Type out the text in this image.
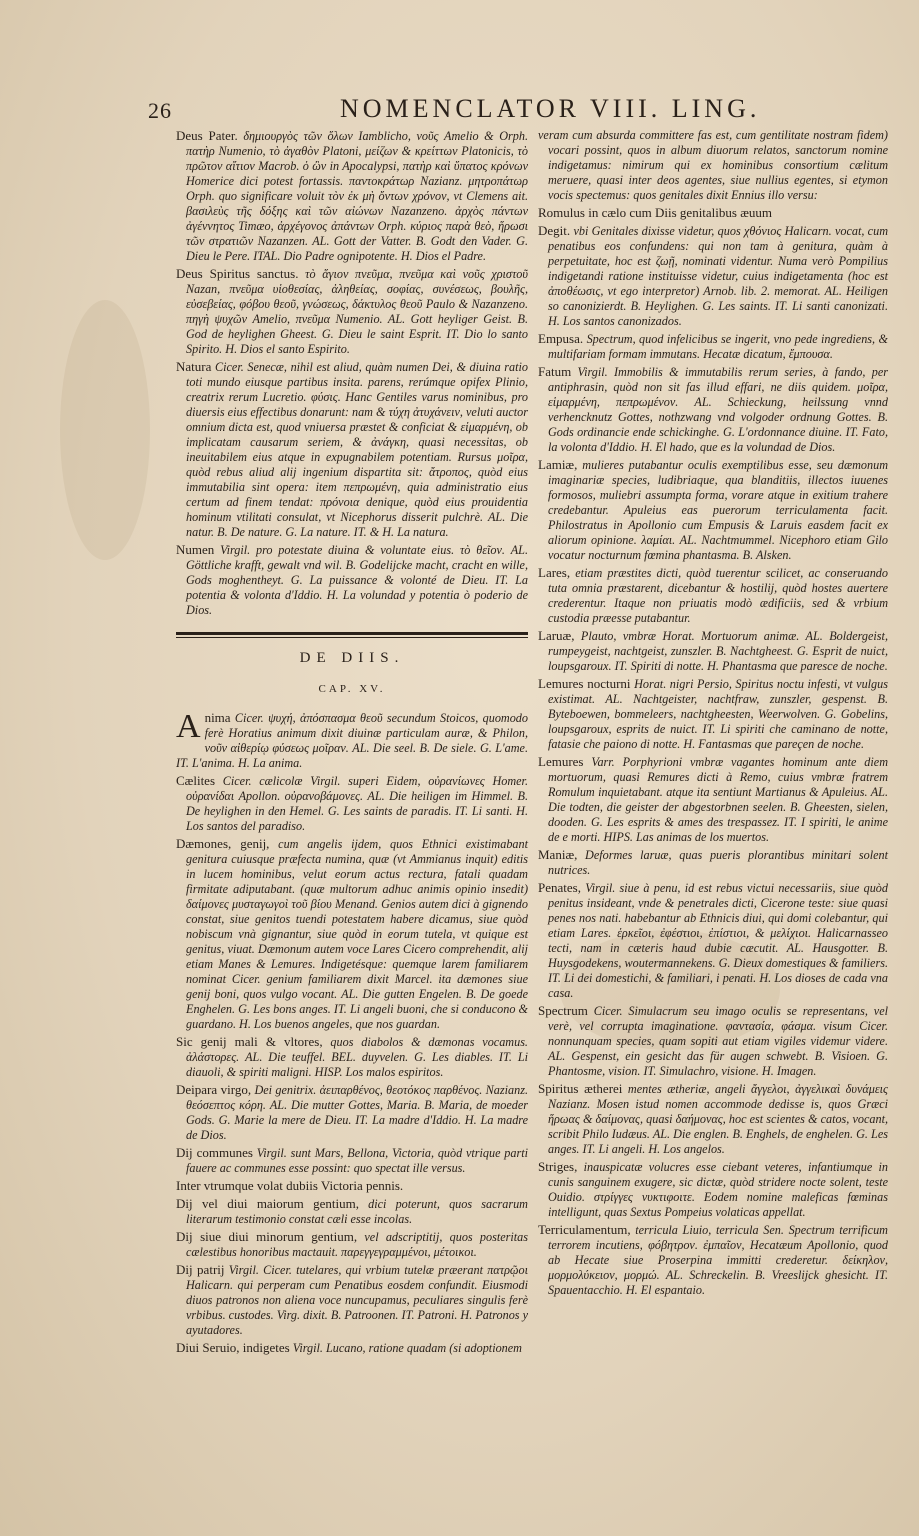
26	NOMENCLATOR VIII. LING.

Deus Pater. δημιουργὸς τῶν ὅλων Iamblicho, νοῦς Amelio & Orph. πατὴρ Numenio, τὸ ἀγαθὸν Platoni, μείζων & κρείττων Platonicis, τὸ πρῶτον αἴτιον Macrob. ὁ ὢν in Apocalypsi, πατὴρ καὶ ὕπατος κρόνων Homerice dici potest fortassis. παντοκράτωρ Nazianz. μητροπάτωρ Orph. quo significare voluit τὸν ἐκ μὴ ὄντων χρόνον, vt Clemens ait. βασιλεὺς τῆς δόξης καὶ τῶν αἰώνων Nazanzeno. ἀρχὸς πάντων ἀγέννητος Timæo, ἀρχέγονος ἀπάντων Orph. κύριος παρὰ θεὸ, ἥρωσι τῶν στρατιῶν Nazanzen. AL. Gott der Vatter. B. Godt den Vader. G. Dieu le Pere. ITAL. Dio Padre ognipotente. H. Dios el Padre.

Deus Spiritus sanctus. τὸ ἅγιον πνεῦμα, πνεῦμα καὶ νοῦς χριστοῦ Nazan, πνεῦμα υἱοθεσίας, ἀληθείας, σοφίας, συνέσεως, βουλῆς, εὐσεβείας, φόβου θεοῦ, γνώσεως, δάκτυλος θεοῦ Paulo & Nazanzeno. πηγὴ ψυχῶν Amelio, πνεῦμα Numenio. AL. Gott heyliger Geist. B. God de heylighen Gheest. G. Dieu le saint Esprit. IT. Dio lo santo Spirito. H. Dios el santo Espirito.

Natura Cicer. Senecæ, nihil est aliud, quàm numen Dei, & diuina ratio toti mundo eiusque partibus insita. parens, rerúmque opifex Plinio, creatrix rerum Lucretio. φύσις. Hanc Gentiles varus nominibus, pro diuersis eius effectibus donarunt: nam & τύχη ἀτυχάνειν, veluti auctor omnium dicta est, quod vniuersa præstet & conficiat & εἱμαρμένη, ob implicatam causarum seriem, & ἀνάγκη, quasi necessitas, ob ineuitabilem eius atque in expugnabilem potentiam. Rursus μοῖρα, quòd rebus aliud alij ingenium dispartita sit: ἄτροπος, quòd eius immutabilia sint opera: item πεπρωμένη, quia administratio eius certum ad finem tendat: πρόνοια denique, quòd eius prouidentia hominum vtilitati consulat, vt Nicephorus disserit pulchrè. AL. Die natur. B. De nature. G. La nature. IT. & H. La natura.

Numen Virgil. pro potestate diuina & voluntate eius. τὸ θεῖον. AL. Göttliche krafft, gewalt vnd wil. B. Godelijcke macht, cracht en wille, Gods moghentheyt. G. La puissance & volonté de Dieu. IT. La potentia & volonta d'Iddio. H. La volundad y potentia ò poderio de Dios.

DE DIIS.
CAP. XV.

Anima Cicer. ψυχή, ἀπόσπασμα θεοῦ secundum Stoicos, quomodo ferè Horatius animum dixit diuinæ particulam auræ, & Philon, νοῦν αἰθερίῳ φύσεως μοῖραν. AL. Die seel. B. De siele. G. L'ame. IT. L'anima. H. La anima.

Cælites Cicer. cælicolæ Virgil. superi Eidem, οὐρανίωνες Homer. οὐρανίδαι Apollon. οὐρανοβάμονες. AL. Die heiligen im Himmel. B. De heylighen in den Hemel. G. Les saints de paradis. IT. Li santi. H. Los santos del paradiso.

Dæmones, genij, cum angelis ijdem, quos Ethnici existimabant genitura cuiusque præfecta numina, quæ (vt Ammianus inquit) editis in lucem hominibus, velut eorum actus rectura, fatali quadam firmitate adiputabant. (quæ multorum adhuc animis opinio insedit) δαίμονες μυσταγωγοὶ τοῦ βίου Menand. Genios autem dici à gignendo constat, siue genitos tuendi potestatem habere dicamus, siue quòd nobiscum vnà gignantur, siue quòd in eorum tutela, vt quique est genitus, viuat. Dæmonum autem voce Lares Cicero comprehendit, alij etiam Manes & Lemures. Indigetésque: quemque larem familiarem nominat Cicer. genium familiarem dixit Marcel. ita dæmones siue genij boni, quos vulgo vocant. AL. Die gutten Engelen. B. De goede Enghelen. G. Les bons anges. IT. Li angeli buoni, che si conducono & guardano. H. Los buenos angeles, que nos guardan.

Sic genij mali & vltores, quos diabolos & dæmonas vocamus. ἀλάστορες. AL. Die teuffel. BEL. duyvelen. G. Les diables. IT. Li diauoli, & spiriti maligni. HISP. Los malos espiritos.

Deipara virgo, Dei genitrix. ἀειπαρθένος, θεοτόκος παρθένος. Nazianz. θεόσεπτος κόρη. AL. Die mutter Gottes, Maria. B. Maria, de moeder Gods. G. Marie la mere de Dieu. IT. La madre d'Iddio. H. La madre de Dios.

Dij communes Virgil. sunt Mars, Bellona, Victoria, quòd vtrique parti fauere ac communes esse possint: quo spectat ille versus.

Inter vtrumque volat dubiis Victoria pennis.

Dij vel diui maiorum gentium, dici poterunt, quos sacrarum literarum testimonio constat cæli esse incolas.

Dij siue diui minorum gentium, vel adscriptitij, quos posteritas cælestibus honoribus mactauit. παρεγγεγραμμένοι, μέτοικοι.

Dij patrij Virgil. Cicer. tutelares, qui vrbium tutelæ præerant πατρῷοι Halicarn. qui perperam cum Penatibus eosdem confundit. Eiusmodi diuos patronos non aliena voce nuncupamus, peculiares singulis ferè vrbibus. custodes. Virg. dixit. B. Patroonen. IT. Patroni. H. Patronos y ayutadores.

Diui Seruio, indigetes Virgil. Lucano, ratione quadam (si adoptionem

veram cum absurda committere fas est, cum gentilitate nostram fidem) vocari possint, quos in album diuorum relatos, sanctorum nomine indigetamus: nimirum qui ex hominibus consortium cælitum meruere, quasi inter deos agentes, siue nullius egentes, si etymon vocis spectemus: quos genitales dixit Ennius illo versu:

Romulus in cælo cum Diis genitalibus æuum

Degit. vbi Genitales dixisse videtur, quos χθόνιος Halicarn. vocat, cum penatibus eos confundens: qui non tam à genitura, quàm à perpetuitate, hoc est ζωῇ, nominati videntur. Numa verò Pompilius indigetandi ratione instituisse videtur, cuius indigetamenta (hoc est ἀποθέωσις, vt ego interpretor) Arnob. lib. 2. memorat. AL. Heiligen so canonizierdt. B. Heylighen. G. Les saints. IT. Li santi canonizati. H. Los santos canonizados.

Empusa. Spectrum, quod infelicibus se ingerit, vno pede ingrediens, & multifariam formam immutans. Hecatæ dicatum, ἔμπουσα.

Fatum Virgil. Immobilis & immutabilis rerum series, à fando, per antiphrasin, quòd non sit fas illud effari, ne diis quidem. μοῖρα, εἱμαρμένη, πεπρωμένον. AL. Schieckung, heilssung vnnd verhencknutz Gottes, nothzwang vnd volgoder ordnung Gottes. B. Gods ordinancie ende schickinghe. G. L'ordonnance diuine. IT. Fato, la volonta d'Iddio. H. El hado, que es la volundad de Dios.

Lamiæ, mulieres putabantur oculis exemptilibus esse, seu dæmonum imaginariæ species, ludibriaque, qua blanditiis, illectos iuuenes formosos, muliebri assumpta forma, vorare atque in exitium trahere credebantur. Apuleius eas puerorum terriculamenta facit. Philostratus in Apollonio cum Empusis & Laruis easdem facit ex aliorum opinione. λαμίαι. AL. Nachtmummel. Nicephoro etiam Gilo vocatur nocturnum fœmina phantasma. B. Alsken.

Lares, etiam præstites dicti, quòd tuerentur scilicet, ac conseruando tuta omnia præstarent, dicebantur & hostilij, quòd hostes auertere crederentur. Itaque non priuatis modò ædificiis, sed & vrbium custodia præesse putabantur.

Laruæ, Plauto, vmbræ Horat. Mortuorum animæ. AL. Boldergeist, rumpeygeist, nachtgeist, zunszler. B. Nachtgheest. G. Esprit de nuict, loupsgaroux. IT. Spiriti di notte. H. Phantasma que paresce de noche.

Lemures nocturni Horat. nigri Persio, Spiritus noctu infesti, vt vulgus existimat. AL. Nachtgeister, nachtfraw, zunszler, gespenst. B. Byteboewen, bommeleers, nachtgheesten, Weerwolven. G. Gobelins, loupsgaroux, esprits de nuict. IT. Li spiriti che caminano de notte, fatasie che paiono di notte. H. Fantasmas que pareçen de noche.

Lemures Varr. Porphyrioni vmbræ vagantes hominum ante diem mortuorum, quasi Remures dicti à Remo, cuius vmbræ fratrem Romulum inquietabant. atque ita sentiunt Martianus & Apuleius. AL. Die todten, die geister der abgestorbnen seelen. B. Gheesten, sielen, dooden. G. Les esprits & ames des trespassez. IT. I spiriti, le anime de e morti. HIPS. Las animas de los muertos.

Maniæ, Deformes laruæ, quas pueris plorantibus minitari solent nutrices.

Penates, Virgil. siue à penu, id est rebus victui necessariis, siue quòd penitus insideant, vnde & penetrales dicti, Cicerone teste: siue quasi penes nos nati. habebantur ab Ethnicis diui, qui domi colebantur, qui etiam Lares. ἑρκεῖοι, ἐφέστιοι, ἐπίστιοι, & μελίχιοι. Halicarnasseo tecti, nam in cæteris haud dubie cæcutit. AL. Hausgotter. B. Huysgodekens, woutermannekens. G. Dieux domestiques & familiers. IT. Li dei domestichi, & familiari, i penati. H. Los dioses de cada vna casa.

Spectrum Cicer. Simulacrum seu imago oculis se representans, vel verè, vel corrupta imaginatione. φαντασία, φάσμα. visum Cicer. nonnunquam species, quam sopiti aut etiam vigiles videmur videre. AL. Gespenst, ein gesicht das für augen schwebt. B. Visioen. G. Phantosme, vision. IT. Simulachro, visione. H. Imagen.

Spiritus ætherei mentes ætheriæ, angeli ἄγγελοι, ἀγγελικαὶ δυνάμεις Nazianz. Mosen istud nomen accommode dedisse is, quos Græci ἥρωας & δαίμονας, quasi δαήμονας, hoc est scientes & catos, vocant, scribit Philo Iudæus. AL. Die englen. B. Enghels, de enghelen. G. Les anges. IT. Li angeli. H. Los angelos.

Striges, inauspicatæ volucres esse ciebant veteres, infantiumque in cunis sanguinem exugere, sic dictæ, quòd stridere nocte solent, teste Ouidio. στρίγγες νυκτιφοιτε. Eodem nomine maleficas fœminas intelligunt, quas Sextus Pompeius volaticas appellat.

Terriculamentum, terricula Liuio, terricula Sen. Spectrum terrificum terrorem incutiens, φόβητρον. ἐμπαῖον, Hecatæum Apollonio, quod ab Hecate siue Proserpina immitti crederetur. δείκηλον, μορμολύκειον, μορμώ. AL. Schreckelin. B. Vreeslijck ghesicht. IT. Spauentacchio. H. El espantaio.
